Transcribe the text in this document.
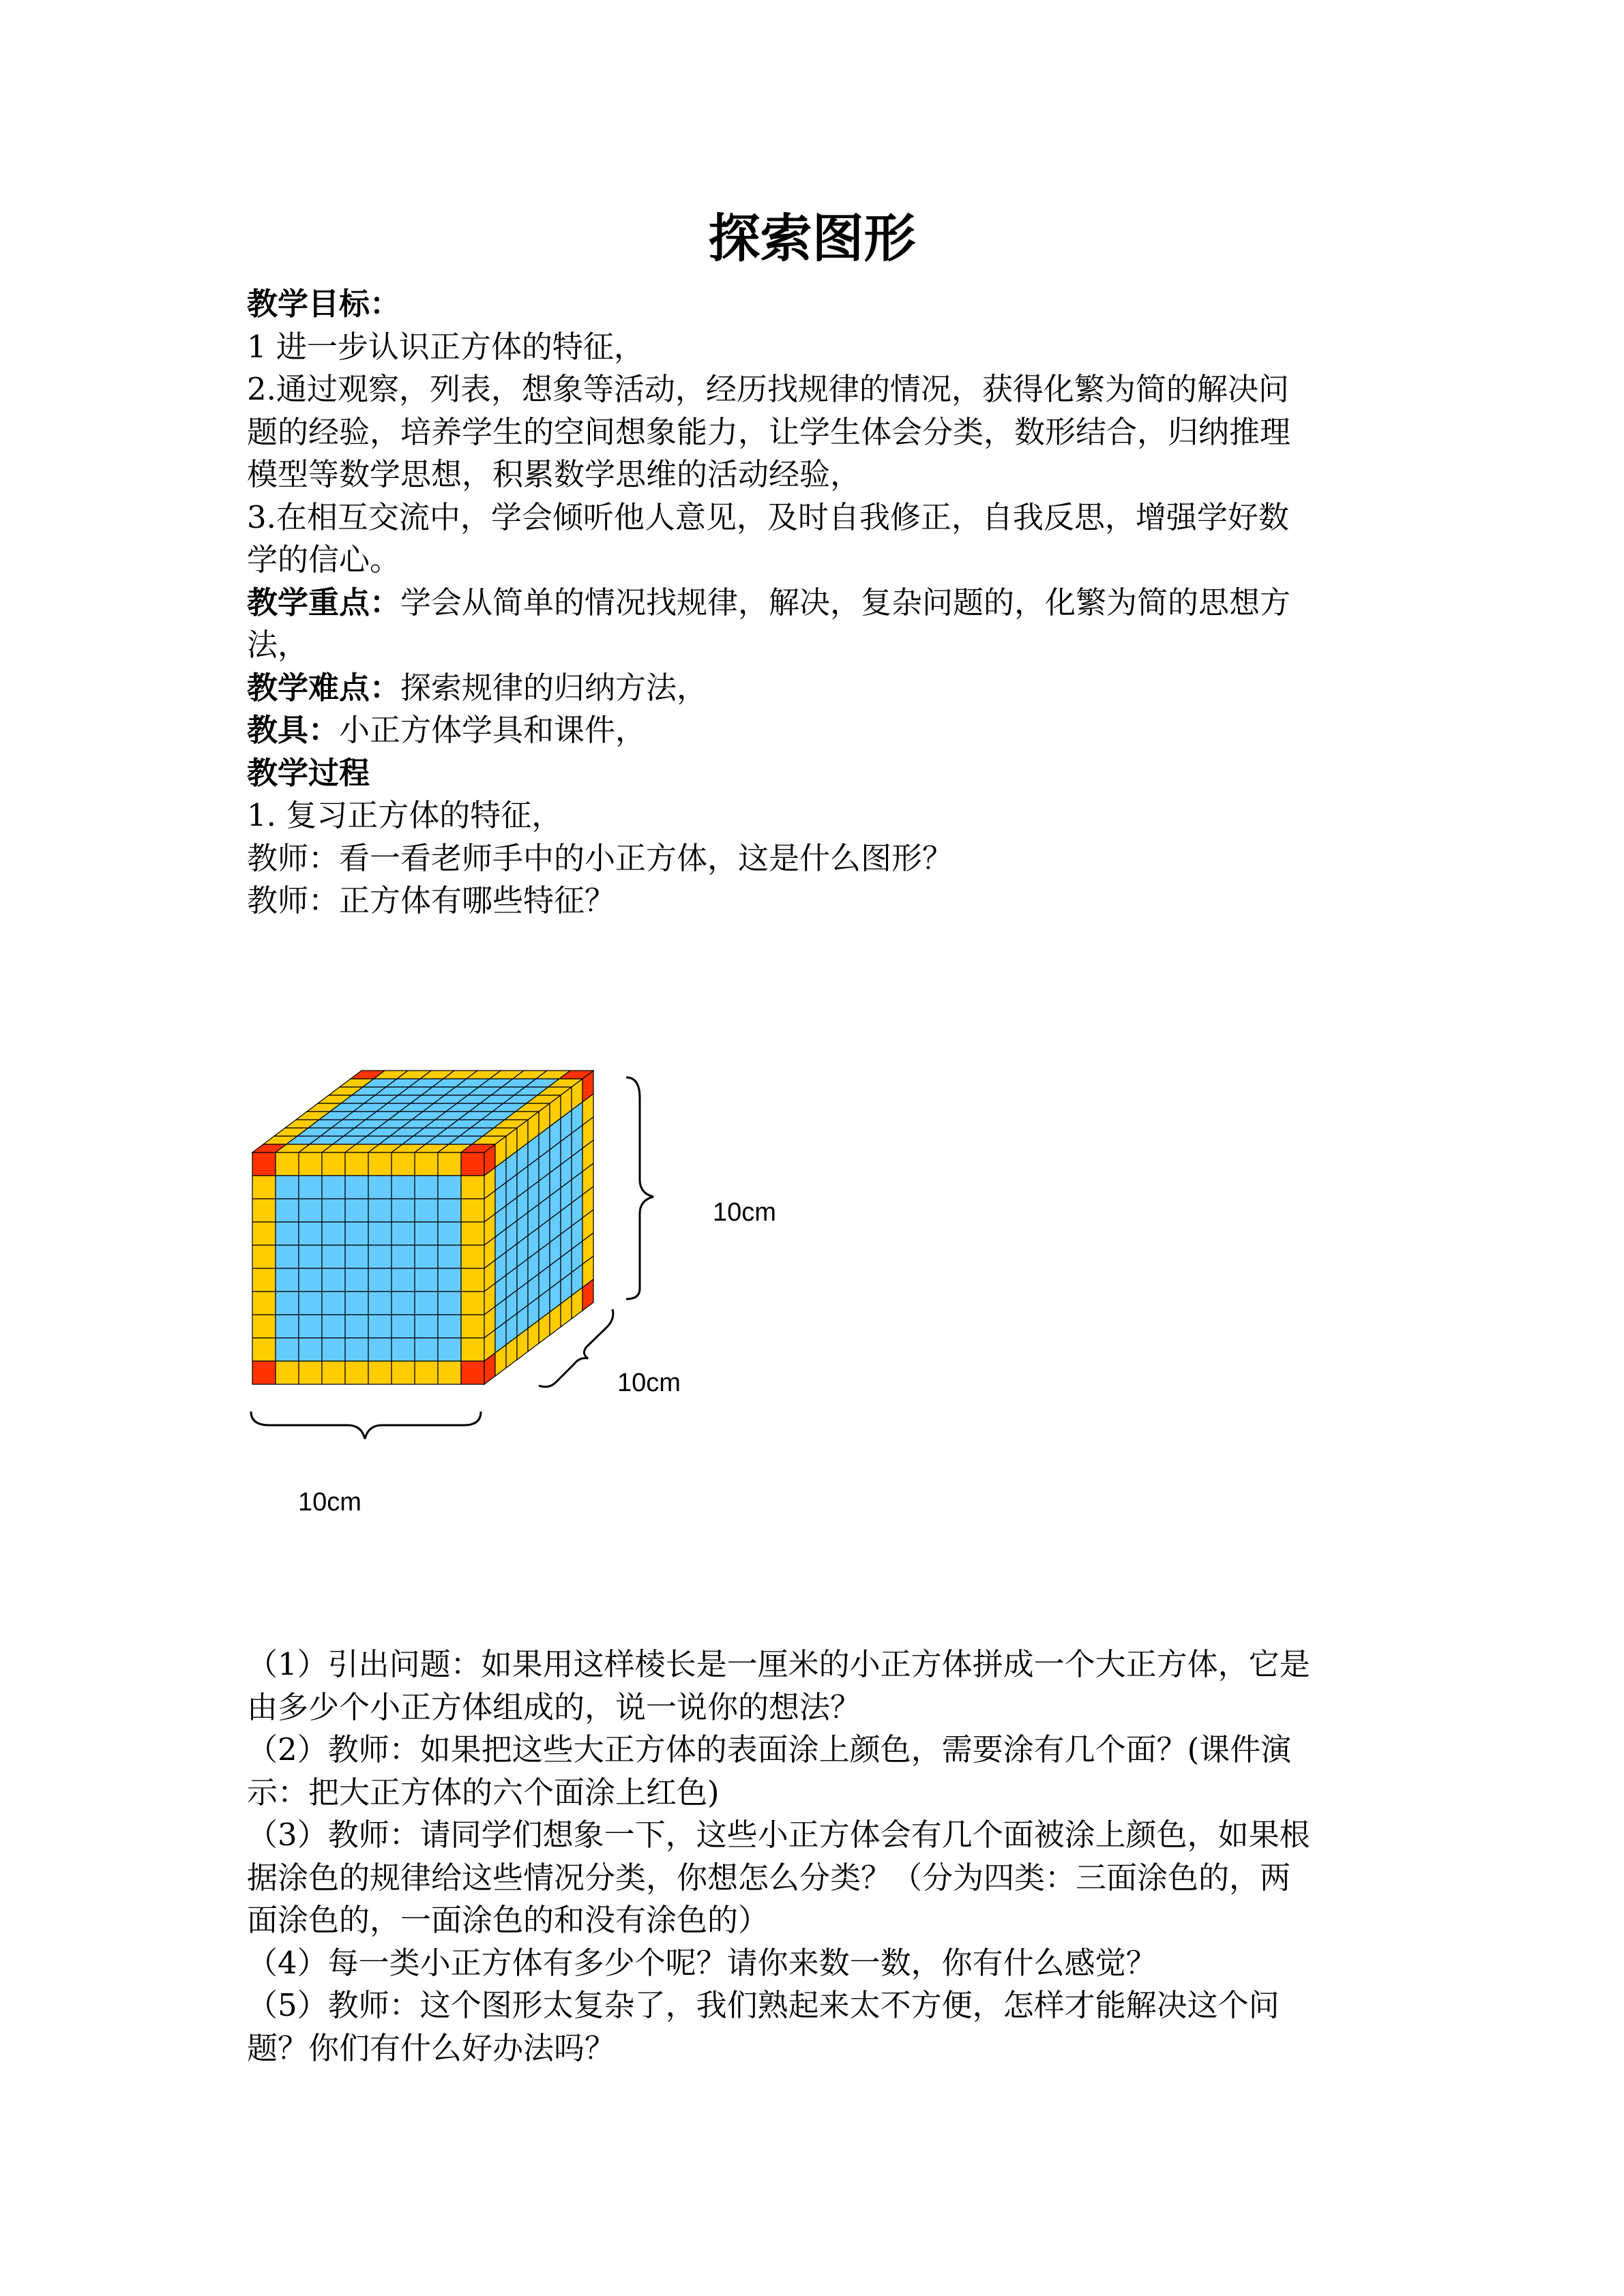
探索图形

教学目标：

1 进一步认识正方体的特征，

2.通过观察，列表，想象等活动，经历找规律的情况，获得化繁为简的解决问

题的经验，培养学生的空间想象能力，让学生体会分类，数形结合，归纳推理

模型等数学思想，积累数学思维的活动经验，

3.在相互交流中，学会倾听他人意见，及时自我修正，自我反思，增强学好数

学的信心。

教学重点：学会从简单的情况找规律，解决，复杂问题的，化繁为简的思想方

法，

教学难点：探索规律的归纳方法，

教具：小正方体学具和课件，

教学过程

1. 复习正方体的特征，

教师：看一看老师手中的小正方体，这是什么图形？

教师：正方体有哪些特征？

10cm
10cm
10cm

（1）引出问题：如果用这样棱长是一厘米的小正方体拼成一个大正方体，它是

由多少个小正方体组成的，说一说你的想法？

（2）教师：如果把这些大正方体的表面涂上颜色，需要涂有几个面？(课件演

示：把大正方体的六个面涂上红色)

（3）教师：请同学们想象一下，这些小正方体会有几个面被涂上颜色，如果根

据涂色的规律给这些情况分类，你想怎么分类？（分为四类：三面涂色的，两

面涂色的，一面涂色的和没有涂色的）

（4）每一类小正方体有多少个呢？请你来数一数，你有什么感觉？

（5）教师：这个图形太复杂了，我们熟起来太不方便，怎样才能解决这个问

题？你们有什么好办法吗？
